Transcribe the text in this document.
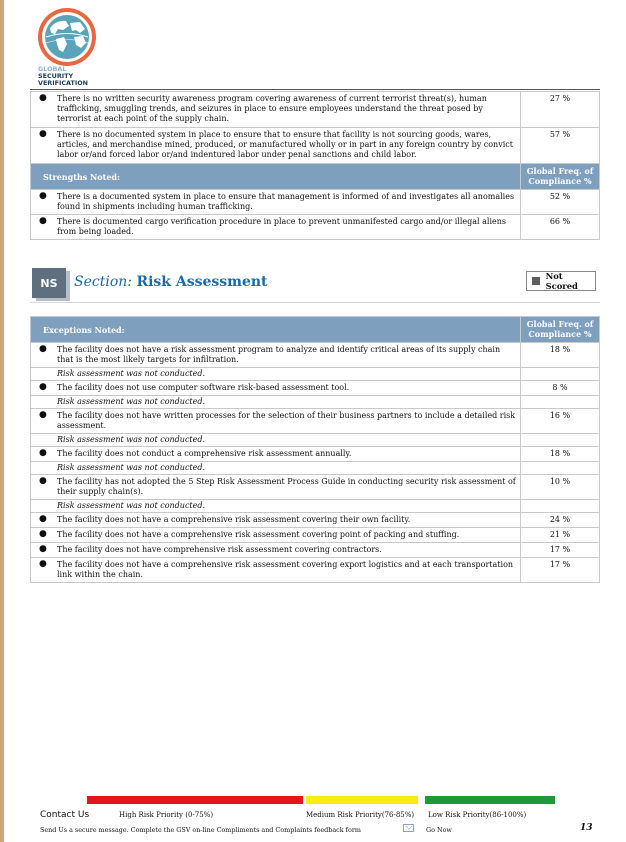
GLOBAL
SECURITY
VERIFICATION
● There is no written security awareness program covering awareness of current terrorist threat(s), human trafficking, smuggling trends, and seizures in place to ensure employees understand the threat posed by terrorist at each point of the supply chain.	27 %

● There is no documented system in place to ensure that to ensure that facility is not sourcing goods, wares, articles, and merchandise mined, produced, or manufactured wholly or in part in any foreign country by convict labor or/and forced labor or/and indentured labor under penal sanctions and child labor.	57 %
Strengths Noted:	Global Freq. of Compliance %

● There is a documented system in place to ensure that management is informed of and investigates all anomalies found in shipments including human trafficking.	52 %

● There is documented cargo verification procedure in place to prevent unmanifested cargo and/or illegal aliens from being loaded.	66 %
NS	Section: Risk Assessment	Not Scored
Exceptions Noted:	Global Freq. of Compliance %

● The facility does not have a risk assessment program to analyze and identify critical areas of its supply chain that is the most likely targets for infiltration.	18 %
Risk assessment was not conducted.	

● The facility does not use computer software risk-based assessment tool.	8 %
Risk assessment was not conducted.	

● The facility does not have written processes for the selection of their business partners to include a detailed risk assessment.	16 %
Risk assessment was not conducted.	

● The facility does not conduct a comprehensive risk assessment annually.	18 %
Risk assessment was not conducted.	

● The facility has not adopted the 5 Step Risk Assessment Process Guide in conducting security risk assessment of their supply chain(s).	10 %
Risk assessment was not conducted.	

● The facility does not have a comprehensive risk assessment covering their own facility.	24 %

● The facility does not have a comprehensive risk assessment covering point of packing and stuffing.	21 %

● The facility does not have comprehensive risk assessment covering contractors.	17 %

● The facility does not have a comprehensive risk assessment covering export logistics and at each transportation link within the chain.	17 %
Contact Us	High Risk Priority (0-75%)	Medium Risk Priority(76-85%) Low Risk Priority(86-100%)
Send Us a secure message. Complete the GSV on-line Compliments and Complaints feedback form	Go Now	13
